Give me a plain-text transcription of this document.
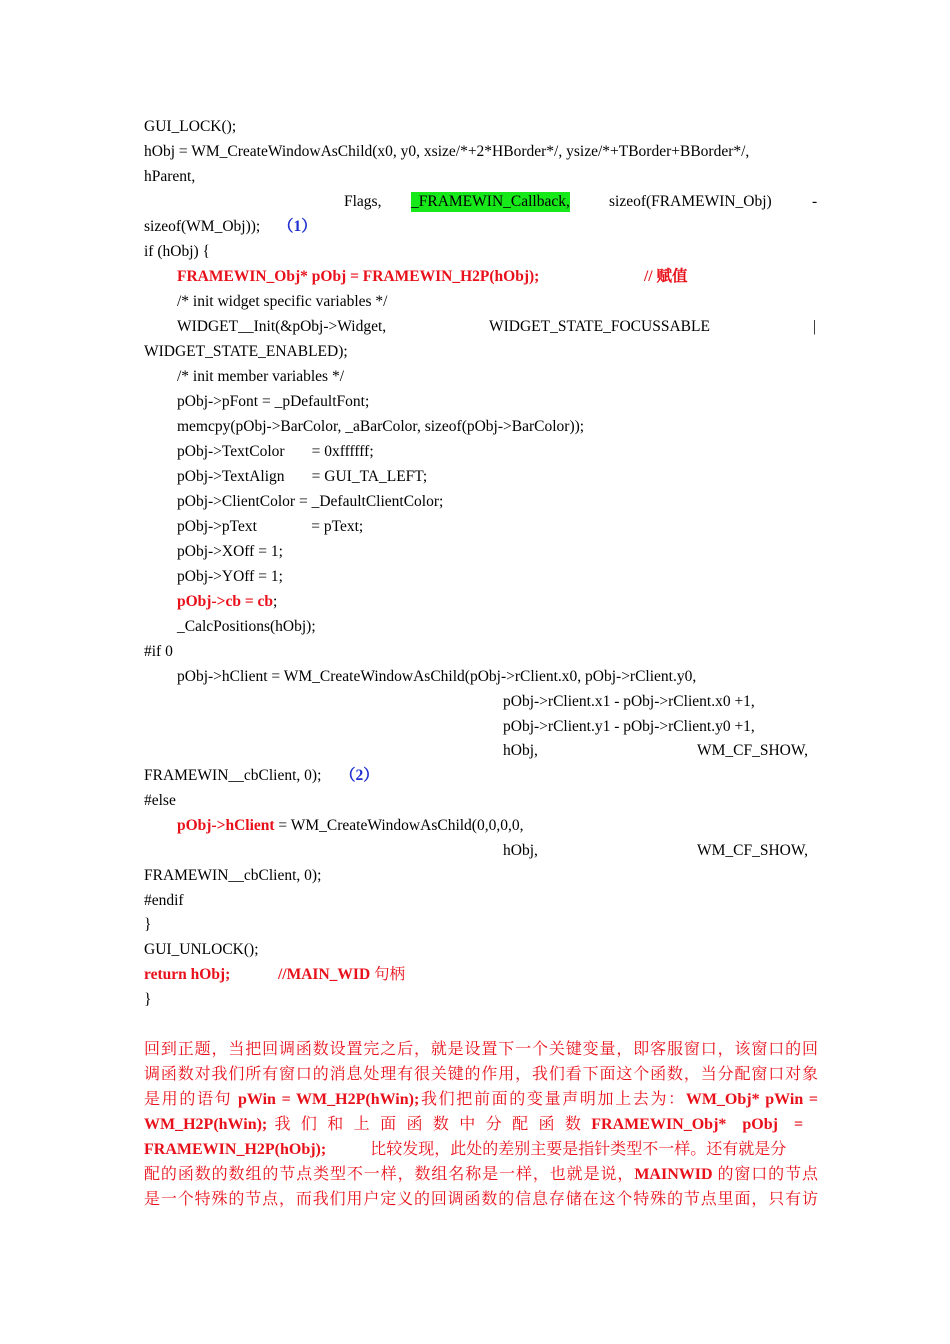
GUI_LOCK();
hObj = WM_CreateWindowAsChild(x0, y0, xsize/*+2*HBorder*/, ysize/*+TBorder+BBorder*/,
hParent,
Flags, _FRAMEWIN_Callback,	sizeof(FRAMEWIN_Obj)	-
sizeof(WM_Obj)); （1）
if (hObj) {
FRAMEWIN_Obj* pObj = FRAMEWIN_H2P(hObj);	// 赋值
/* init widget specific variables */
WIDGET__Init(&pObj->Widget,	WIDGET_STATE_FOCUSSABLE	|
WIDGET_STATE_ENABLED);
/* init member variables */
pObj->pFont = _pDefaultFont;
memcpy(pObj->BarColor, _aBarColor, sizeof(pObj->BarColor));
pObj->TextColor       = 0xffffff;
pObj->TextAlign       = GUI_TA_LEFT;
pObj->ClientColor = _DefaultClientColor;
pObj->pText              = pText;
pObj->XOff = 1;
pObj->YOff = 1;
pObj->cb = cb;
_CalcPositions(hObj);
#if 0
pObj->hClient = WM_CreateWindowAsChild(pObj->rClient.x0, pObj->rClient.y0,
pObj->rClient.x1 - pObj->rClient.x0 +1,
pObj->rClient.y1 - pObj->rClient.y0 +1,
hObj,	WM_CF_SHOW,
FRAMEWIN__cbClient, 0); （2）
#else
pObj->hClient = WM_CreateWindowAsChild(0,0,0,0,
hObj,	WM_CF_SHOW,
FRAMEWIN__cbClient, 0);
#endif
}
GUI_UNLOCK();
return hObj;	//MAIN_WID 句柄
}
回到正题，当把回调函数设置完之后，就是设置下一个关键变量，即客服窗口，该窗口的回
调函数对我们所有窗口的消息处理有很关键的作用，我们看下面这个函数，当分配窗口对象
是用的语句 pWin = WM_H2P(hWin);我们把前面的变量声明加上去为：WM_Obj* pWin =
WM_H2P(hWin); 我 们 和 上 面 函 数 中 分 配 函 数 FRAMEWIN_Obj* pObj =
FRAMEWIN_H2P(hObj);	比较发现，此处的差别主要是指针类型不一样。还有就是分
配的函数的数组的节点类型不一样，数组名称是一样，也就是说，MAINWID 的窗口的节点
是一个特殊的节点，而我们用户定义的回调函数的信息存储在这个特殊的节点里面，只有访
